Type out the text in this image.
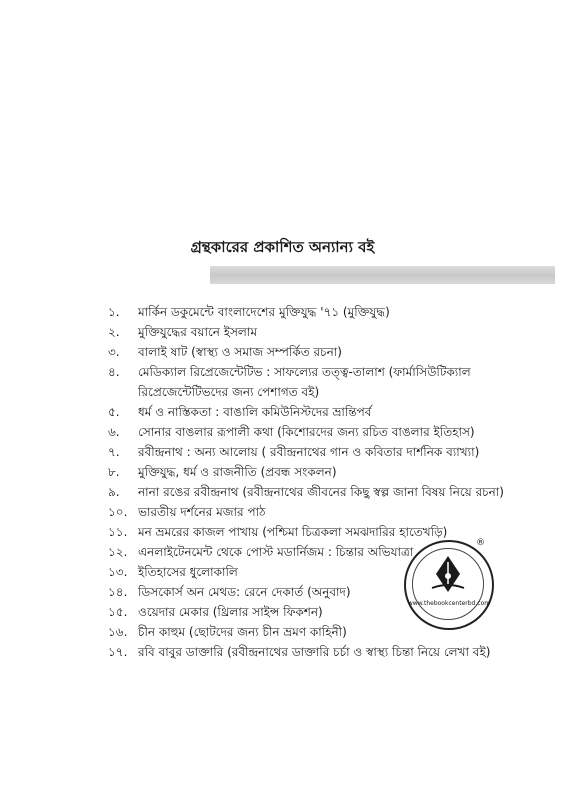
গ্রন্থকারের প্রকাশিত অন্যান্য বই
১.	মার্কিন ডকুমেন্টে বাংলাদেশের মুক্তিযুদ্ধ '৭১ (মুক্তিযুদ্ধ)
২.	মুক্তিযুদ্ধের বয়ানে ইসলাম
৩.	বালাই ষাট (স্বাস্থ্য ও সমাজ সম্পর্কিত রচনা)
৪.	মেডিক্যাল রিপ্রেজেন্টেটিভ : সাফল্যের তত্ত্ব-তালাশ (ফার্মাসিউটিক্যাল রিপ্রেজেন্টেটিভদের জন্য পেশাগত বই)
৫.	ধর্ম ও নাস্তিকতা : বাঙালি কমিউনিস্টদের ভ্রান্তিপর্ব
৬.	সোনার বাঙলার রূপালী কথা (কিশোরদের জন্য রচিত বাঙলার ইতিহাস)
৭.	রবীন্দ্রনাথ : অন্য আলোয় ( রবীন্দ্রনাথের গান ও কবিতার দার্শনিক ব্যাখ্যা)
৮.	মুক্তিযুদ্ধ, ধর্ম ও রাজনীতি (প্রবন্ধ সংকলন)
৯.	নানা রঙের রবীন্দ্রনাথ (রবীন্দ্রনাথের জীবনের কিছু স্বল্প জানা বিষয় নিয়ে রচনা)
১০. ভারতীয় দর্শনের মজার পাঠ
১১. মন ভ্রমরের কাজল পাখায় (পশ্চিমা চিত্রকলা সমঝদারির হাতেখড়ি)
১২. এনলাইটেনমেন্ট থেকে পোস্ট মডার্নিজম : চিন্তার অভিযাত্রা
১৩. ইতিহাসের ধুলোকালি
১৪. ডিসকোর্স অন মেথড: রেনে দেকার্ত (অনুবাদ)
১৫. ওয়েদার মেকার (থ্রিলার সাইন্স ফিকশন)
১৬. চীন কাহুম (ছোটদের জন্য চীন ভ্রমণ কাহিনী)
১৭. রবি বাবুর ডাক্তারি (রবীন্দ্রনাথের ডাক্তারি চর্চা ও স্বাস্থ্য চিন্তা নিয়ে লেখা বই)
www.thebookcenterbd.com
®
